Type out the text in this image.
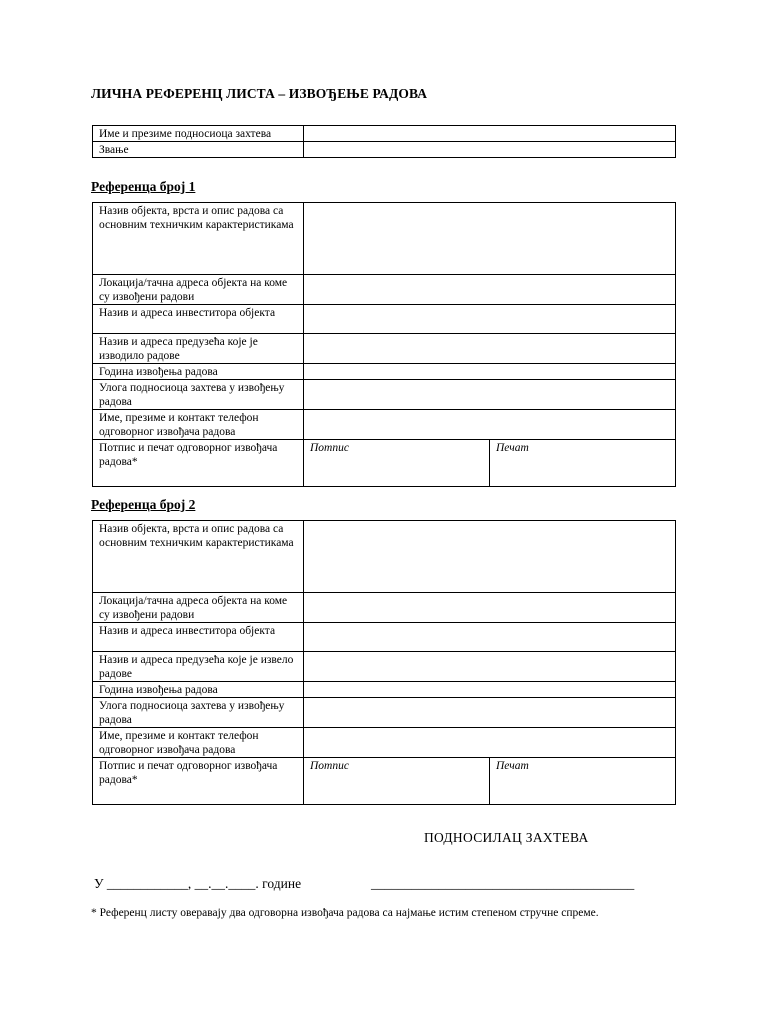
ЛИЧНА РЕФЕРЕНЦ ЛИСТА – ИЗВОЂЕЊЕ РАДОВА
Име и презиме подносиоца захтева	
Звање	
Референца број 1
Назив објекта, врста и опис радова са основним техничким карактеристикама		
Локација/тачна адреса објекта на коме су извођени радови		
Назив и адреса инвеститора објекта		
Назив и адреса предузећа које је изводило радове		
Година извођења радова		
Улога подносиоца захтева у извођењу радова		
Име, презиме и контакт телефон одговорног извођача радова		
Потпис и печат одговорног извођача радова*	Потпис	Печат
Референца број 2
Назив објекта, врста и опис радова са основним техничким карактеристикама		
Локација/тачна адреса објекта на коме су извођени радови		
Назив и адреса инвеститора објекта		
Назив и адреса предузећа које је извело радове		
Година извођења радова		
Улога подносиоца захтева у извођењу радова		
Име, презиме и контакт телефон одговорног извођача радова		
Потпис и печат одговорног извођача радова*	Потпис	Печат
ПОДНОСИЛАЦ ЗАХТЕВА
У ____________, __.__.____. године	_______________________________________
* Референц листу оверавају два одговорна извођача радова са најмање истим степеном стручне спреме.
